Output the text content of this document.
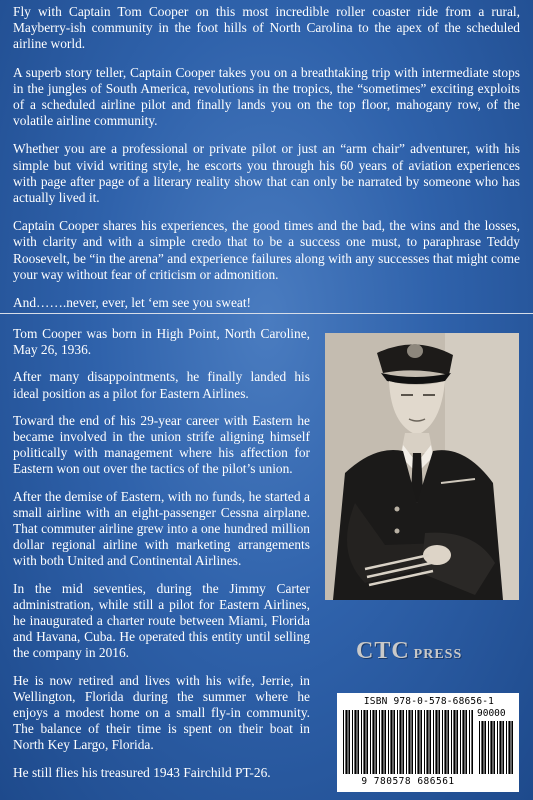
Fly with Captain Tom Cooper on this most incredible roller coaster ride from a rural, Mayberry-ish community in the foot hills of North Carolina to the apex of the scheduled airline world.

A superb story teller, Captain Cooper takes you on a breathtaking trip with intermediate stops in the jungles of South America, revolutions in the tropics, the “sometimes” exciting exploits of a scheduled airline pilot and finally lands you on the top floor, mahogany row, of the volatile airline community.

Whether you are a professional or private pilot or just an “arm chair” adventurer, with his simple but vivid writing style, he escorts you through his 60 years of aviation experiences with page after page of a literary reality show that can only be narrated by someone who has actually lived it.

Captain Cooper shares his experiences, the good times and the bad, the wins and the losses, with clarity and with a simple credo that to be a success one must, to paraphrase Teddy Roosevelt, be “in the arena” and experience failures along with any successes that might come your way without fear of criticism or admonition.

And…….never, ever, let ‘em see you sweat!

Tom Cooper was born in High Point, North Caroline, May 26, 1936.

After many disappointments, he finally landed his ideal position as a pilot for Eastern Airlines.

Toward the end of his 29-year career with Eastern he became involved in the union strife aligning himself politically with management where his affection for Eastern won out over the tactics of the pilot’s union.

After the demise of Eastern, with no funds, he started a small airline with an eight-passenger Cessna airplane. That commuter airline grew into a one hundred million dollar regional airline with marketing arrangements with both United and Continental Airlines.

In the mid seventies, during the Jimmy Carter administration, while still a pilot for Eastern Airlines, he inaugurated a charter route between Miami, Florida and Havana, Cuba. He operated this entity until selling the company in 2016.

He is now retired and lives with his wife, Jerrie, in Wellington, Florida during the summer where he enjoys a modest home on a small fly-in community. The balance of their time is spent on their boat in North Key Largo, Florida.

He still flies his treasured 1943 Fairchild PT-26.

CTC PRESS
ISBN 978-0-578-68656-1
90000
9 780578 686561
